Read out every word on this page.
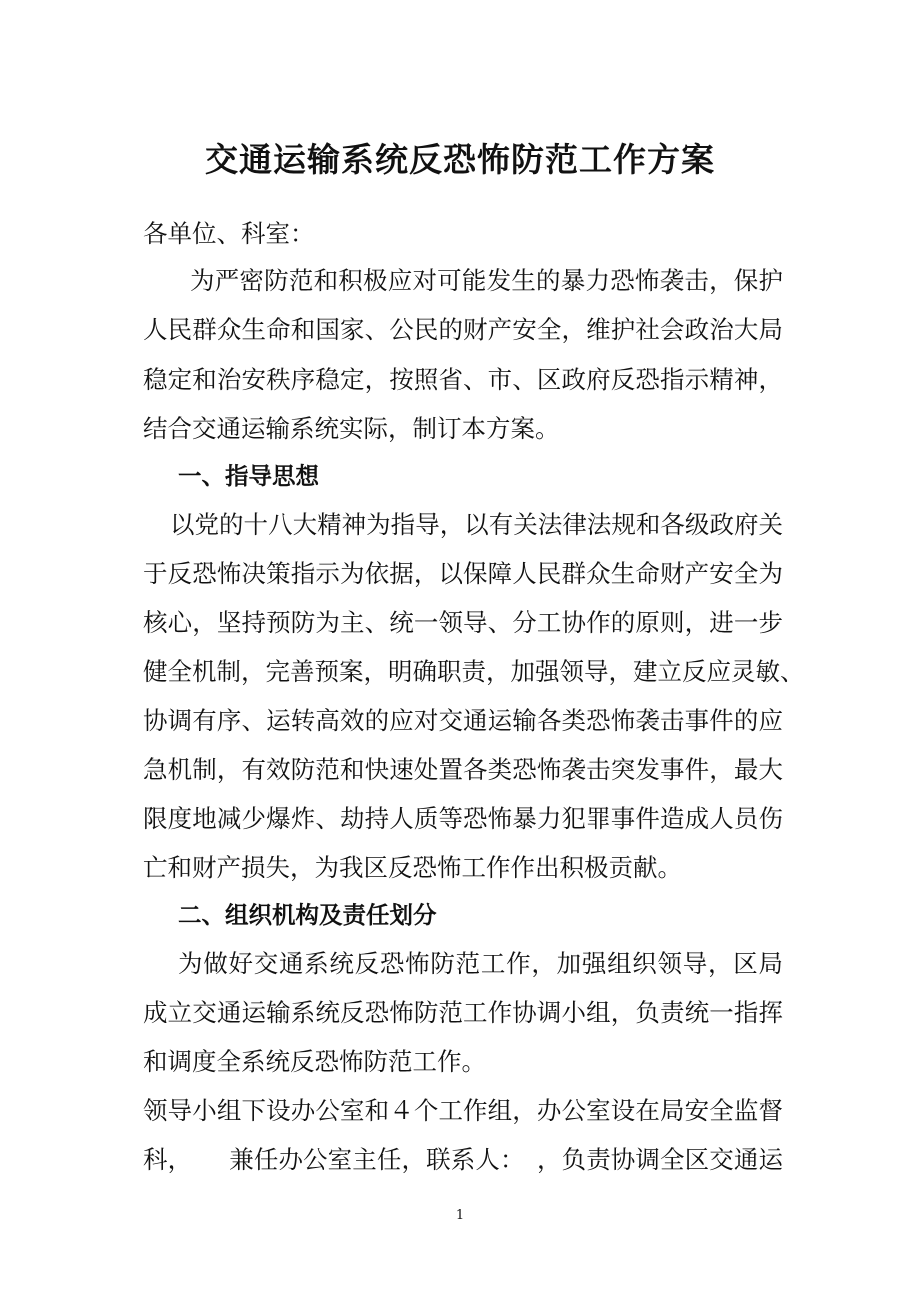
交通运输系统反恐怖防范工作方案

各单位、科室：

为严密防范和积极应对可能发生的暴力恐怖袭击，保护

人民群众生命和国家、公民的财产安全，维护社会政治大局

稳定和治安秩序稳定，按照省、市、区政府反恐指示精神，

结合交通运输系统实际，制订本方案。

一、指导思想

以党的十八大精神为指导，以有关法律法规和各级政府关

于反恐怖决策指示为依据，以保障人民群众生命财产安全为

核心，坚持预防为主、统一领导、分工协作的原则，进一步

健全机制，完善预案，明确职责，加强领导，建立反应灵敏、

协调有序、运转高效的应对交通运输各类恐怖袭击事件的应

急机制，有效防范和快速处置各类恐怖袭击突发事件，最大

限度地减少爆炸、劫持人质等恐怖暴力犯罪事件造成人员伤

亡和财产损失，为我区反恐怖工作作出积极贡献。

二、组织机构及责任划分

为做好交通系统反恐怖防范工作，加强组织领导，区局

成立交通运输系统反恐怖防范工作协调小组，负责统一指挥

和调度全系统反恐怖防范工作。

领导小组下设办公室和４个工作组，办公室设在局安全监督

科，　　兼任办公室主任，联系人：　，负责协调全区交通运

1
